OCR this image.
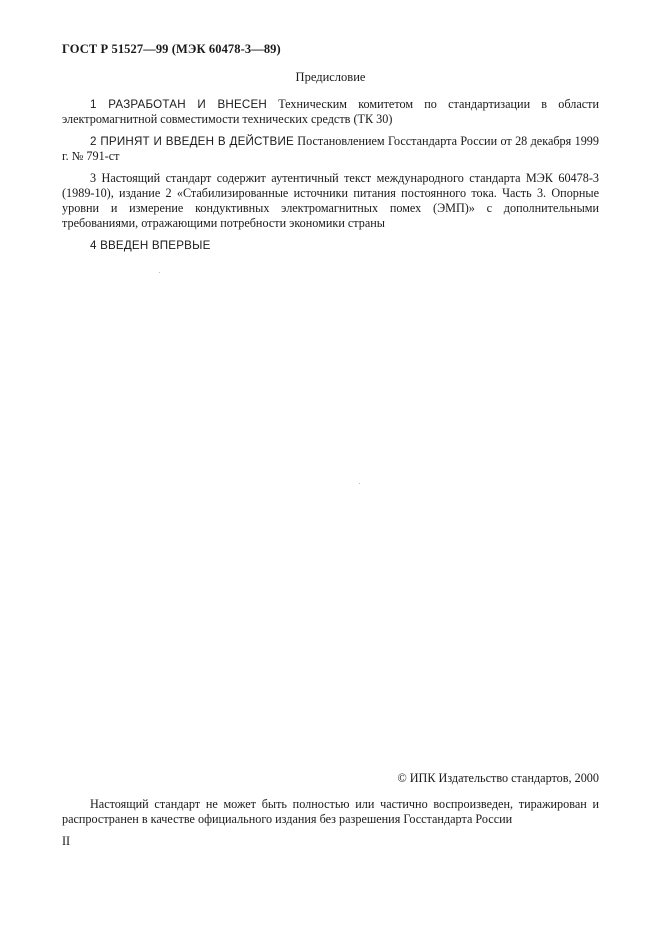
ГОСТ Р 51527—99 (МЭК 60478-3—89)
Предисловие
1 РАЗРАБОТАН И ВНЕСЕН Техническим комитетом по стандартизации в области электромагнитной совместимости технических средств (ТК 30)
2 ПРИНЯТ И ВВЕДЕН В ДЕЙСТВИЕ Постановлением Госстандарта России от 28 декабря 1999 г. № 791-ст
3 Настоящий стандарт содержит аутентичный текст международного стандарта МЭК 60478-3 (1989-10), издание 2 «Стабилизированные источники питания постоянного тока. Часть 3. Опорные уровни и измерение кондуктивных электромагнитных помех (ЭМП)» с дополнительными требованиями, отражающими потребности экономики страны
4 ВВЕДЕН ВПЕРВЫЕ
© ИПК Издательство стандартов, 2000
Настоящий стандарт не может быть полностью или частично воспроизведен, тиражирован и распространен в качестве официального издания без разрешения Госстандарта России
II
